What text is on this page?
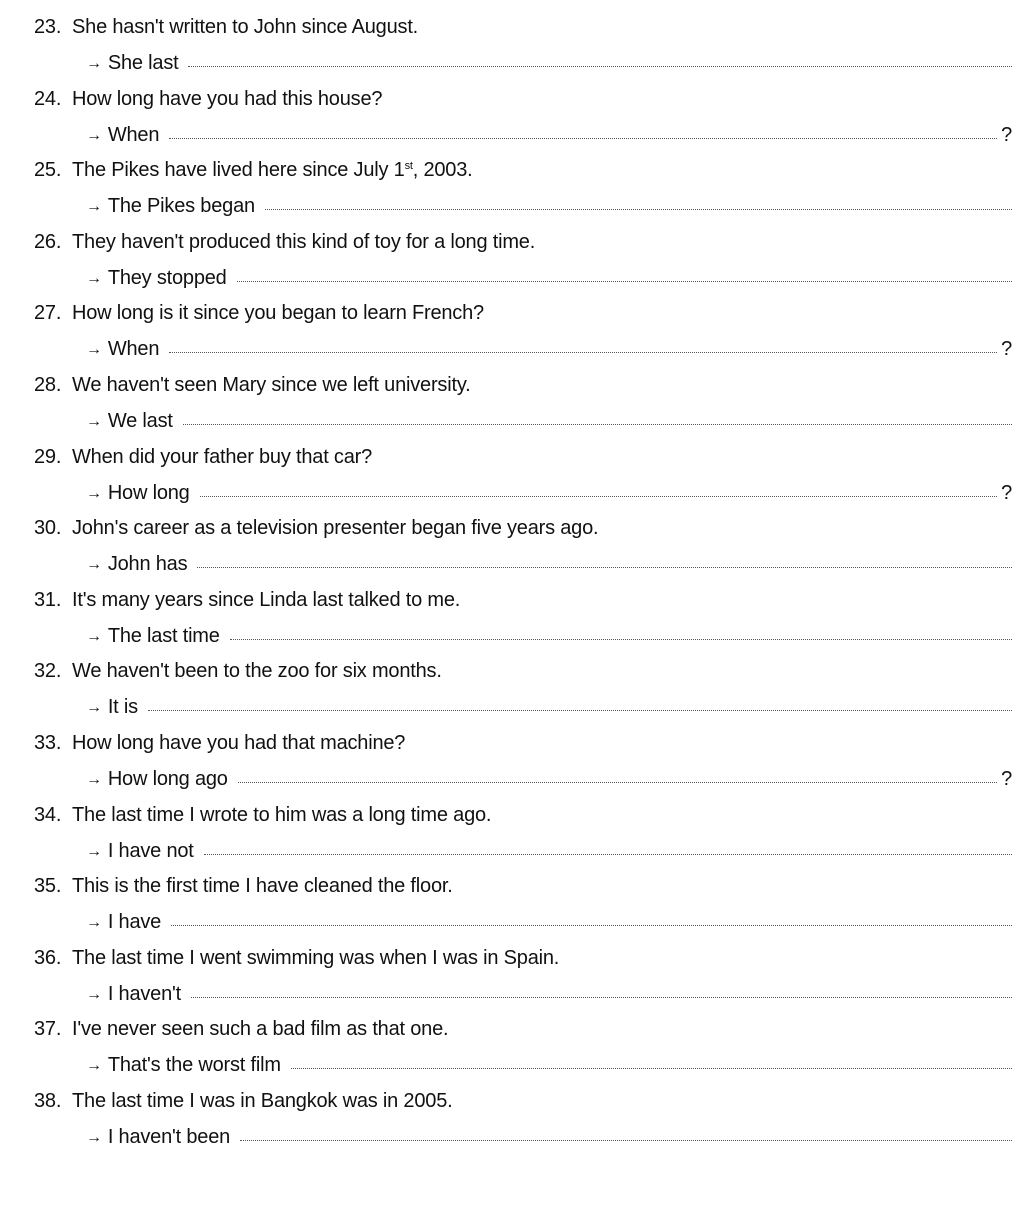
23. She hasn't written to John since August.
→ She last
24. How long have you had this house?
→ When	?
25. The Pikes have lived here since July 1st, 2003.
→ The Pikes began
26. They haven't produced this kind of toy for a long time.
→ They stopped
27. How long is it since you began to learn French?
→ When	?
28. We haven't seen Mary since we left university.
→ We last
29. When did your father buy that car?
→ How long	?
30. John's career as a television presenter began five years ago.
→ John has
31. It's many years since Linda last talked to me.
→ The last time
32. We haven't been to the zoo for six months.
→ It is
33. How long have you had that machine?
→ How long ago	?
34. The last time I wrote to him was a long time ago.
→ I have not
35. This is the first time I have cleaned the floor.
→ I have
36. The last time I went swimming was when I was in Spain.
→ I haven't
37. I've never seen such a bad film as that one.
→ That's the worst film
38. The last time I was in Bangkok was in 2005.
→ I haven't been
